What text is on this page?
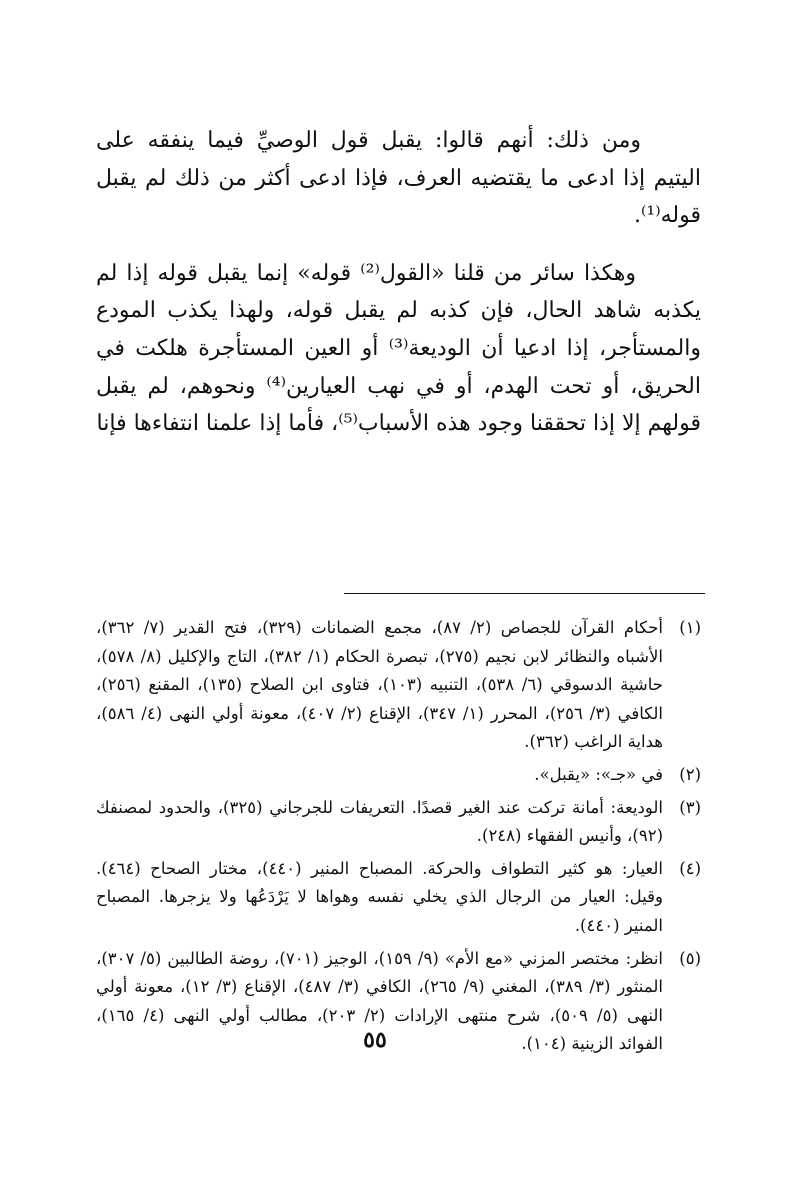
ومن ذلك: أنهم قالوا: يقبل قول الوصيِّ فيما ينفقه على اليتيم إذا ادعى ما يقتضيه العرف، فإذا ادعى أكثر من ذلك لم يقبل قوله⁽¹⁾.

وهكذا سائر من قلنا «القول⁽²⁾ قوله» إنما يقبل قوله إذا لم يكذبه شاهد الحال، فإن كذبه لم يقبل قوله، ولهذا يكذب المودع والمستأجر، إذا ادعيا أن الوديعة⁽³⁾ أو العين المستأجرة هلكت في الحريق، أو تحت الهدم، أو في نهب العيارين⁽⁴⁾ ونحوهم، لم يقبل قولهم إلا إذا تحققنا وجود هذه الأسباب⁽⁵⁾، فأما إذا علمنا انتفاءها فإنا

(١)
أحكام القرآن للجصاص (٢/ ٨٧)، مجمع الضمانات (٣٢٩)، فتح القدير (٧/ ٣٦٢)، الأشباه والنظائر لابن نجيم (٢٧٥)، تبصرة الحكام (١/ ٣٨٢)، التاج والإكليل (٨/ ٥٧٨)، حاشية الدسوقي (٦/ ٥٣٨)، التنبيه (١٠٣)، فتاوى ابن الصلاح (١٣٥)، المقنع (٢٥٦)، الكافي (٣/ ٢٥٦)، المحرر (١/ ٣٤٧)، الإقناع (٢/ ٤٠٧)، معونة أولي النهى (٤/ ٥٨٦)، هداية الراغب (٣٦٢).
(٢)
في «جـ»: «يقبل».
(٣)
الوديعة: أمانة تركت عند الغير قصدًا. التعريفات للجرجاني (٣٢٥)، والحدود لمصنفك (٩٢)، وأنيس الفقهاء (٢٤٨).
(٤)
العيار: هو كثير التطواف والحركة. المصباح المنير (٤٤٠)، مختار الصحاح (٤٦٤). وقيل: العيار من الرجال الذي يخلي نفسه وهواها لا يَرْدَعُها ولا يزجرها. المصباح المنير (٤٤٠).
(٥)
انظر: مختصر المزني «مع الأم» (٩/ ١٥٩)، الوجيز (٧٠١)، روضة الطالبين (٥/ ٣٠٧)، المنثور (٣/ ٣٨٩)، المغني (٩/ ٢٦٥)، الكافي (٣/ ٤٨٧)، الإقناع (٣/ ١٢)، معونة أولي النهى (٥/ ٥٠٩)، شرح منتهى الإرادات (٢/ ٢٠٣)، مطالب أولي النهى (٤/ ١٦٥)، الفوائد الزينية (١٠٤).
٥٥
